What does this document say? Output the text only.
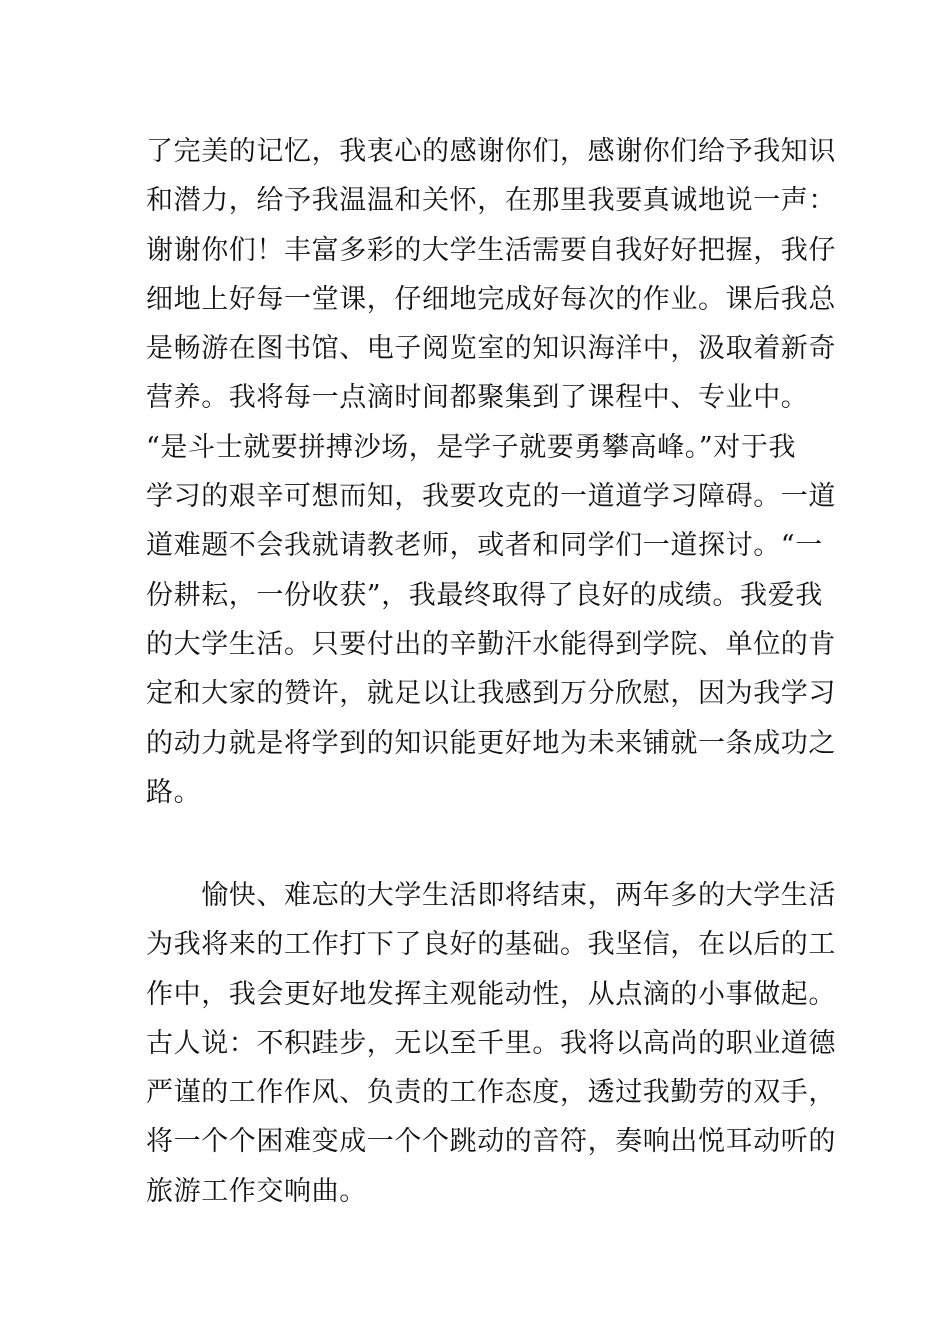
了完美的记忆，我衷心的感谢你们，感谢你们给予我知识
和潜力，给予我温温和关怀，在那里我要真诚地说一声：
谢谢你们！丰富多彩的大学生活需要自我好好把握，我仔
细地上好每一堂课，仔细地完成好每次的作业。课后我总
是畅游在图书馆、电子阅览室的知识海洋中，汲取着新奇
营养。我将每一点滴时间都聚集到了课程中、专业中。
“是斗士就要拼搏沙场，是学子就要勇攀高峰。”对于我
学习的艰辛可想而知，我要攻克的一道道学习障碍。一道
道难题不会我就请教老师，或者和同学们一道探讨。“一
份耕耘，一份收获”，我最终取得了良好的成绩。我爱我
的大学生活。只要付出的辛勤汗水能得到学院、单位的肯
定和大家的赞许，就足以让我感到万分欣慰，因为我学习
的动力就是将学到的知识能更好地为未来铺就一条成功之
路。
　　愉快、难忘的大学生活即将结束，两年多的大学生活
为我将来的工作打下了良好的基础。我坚信，在以后的工
作中，我会更好地发挥主观能动性，从点滴的小事做起。
古人说：不积跬步，无以至千里。我将以高尚的职业道德
严谨的工作作风、负责的工作态度，透过我勤劳的双手，
将一个个困难变成一个个跳动的音符，奏响出悦耳动听的
旅游工作交响曲。
